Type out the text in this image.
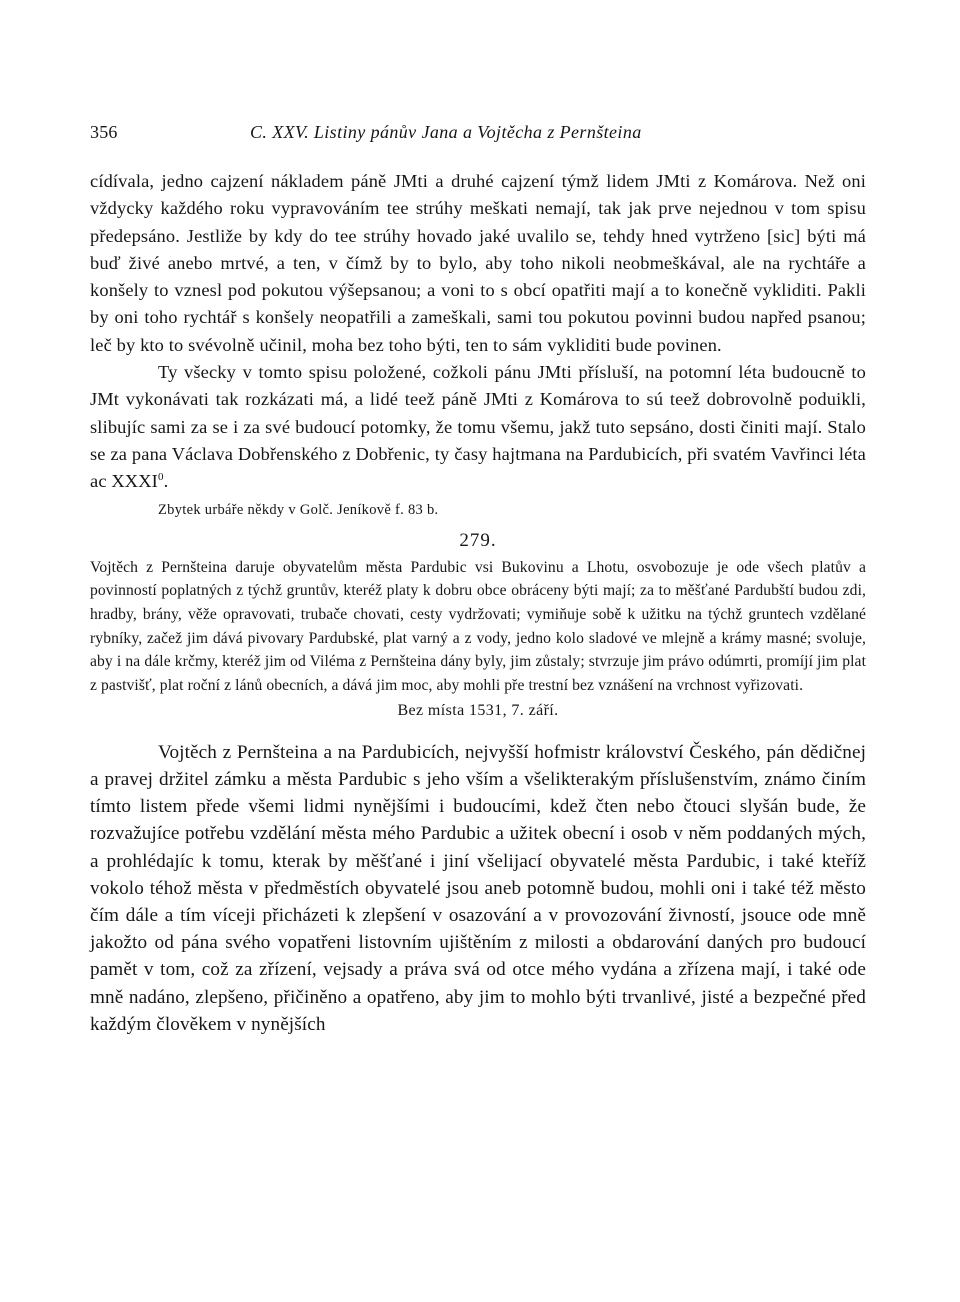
356	C. XXV. Listiny pánův Jana a Vojtěcha z Pernšteina

cídívala, jedno cajzení nákladem páně JMti a druhé cajzení týmž lidem JMti z Komárova. Než oni vždycky každého roku vypravováním tee strúhy meškati nemají, tak jak prve nejednou v tom spisu předepsáno. Jestliže by kdy do tee strúhy hovado jaké uvalilo se, tehdy hned vytrženo [sic] býti má buď živé anebo mrtvé, a ten, v čímž by to bylo, aby toho nikoli neobmeškával, ale na rychtáře a konšely to vznesl pod pokutou výšepsanou; a voni to s obcí opatřiti mají a to konečně vykliditi. Pakli by oni toho rychtář s konšely neopatřili a zameškali, sami tou pokutou povinni budou napřed psanou; leč by kto to svévolně učinil, moha bez toho býti, ten to sám vykliditi bude povinen.

Ty všecky v tomto spisu položené, cožkoli pánu JMti přísluší, na potomní léta budoucně to JMt vykonávati tak rozkázati má, a lidé teež páně JMti z Komárova to sú teež dobrovolně poduikli, slibujíc sami za se i za své budoucí potomky, že tomu všemu, jakž tuto sepsáno, dosti činiti mají. Stalo se za pana Václava Dobřenského z Dobřenic, ty časy hajtmana na Pardubicích, při svatém Vavřinci léta ac XXXI$^0$.

Zbytek urbáře někdy v Golč. Jeníkově f. 83 b.
279.

Vojtěch z Pernšteina daruje obyvatelům města Pardubic vsi Bukovinu a Lhotu, osvobozuje je ode všech platův a povinností poplatných z týchž gruntův, kteréž platy k dobru obce obráceny býti mají; za to měšťané Pardubští budou zdi, hradby, brány, věže opravovati, trubače chovati, cesty vydržovati; vymiňuje sobě k užitku na týchž gruntech vzdělané rybníky, začež jim dává pivovary Pardubské, plat varný a z vody, jedno kolo sladové ve mlejně a krámy masné; svoluje, aby i na dále krčmy, kteréž jim od Viléma z Pernšteina dány byly, jim zůstaly; stvrzuje jim právo odúmrti, promíjí jim plat z pastvišť, plat roční z lánů obecních, a dává jim moc, aby mohli pře trestní bez vznášení na vrchnost vyřizovati.

Bez místa 1531, 7. září.

Vojtěch z Pernšteina a na Pardubicích, nejvyšší hofmistr království Českého, pán dědičnej a pravej držitel zámku a města Pardubic s jeho vším a všelikterakým příslušenstvím, známo činím tímto listem přede všemi lidmi nynějšími i budoucími, kdež čten nebo čtouci slyšán bude, že rozvažujíce potřebu vzdělání města mého Pardubic a užitek obecní i osob v něm poddaných mých, a prohlédajíc k tomu, kterak by měšťané i jiní všelijací obyvatelé města Pardubic, i také kteříž vokolo téhož města v předměstích obyvatelé jsou aneb potomně budou, mohli oni i také též město čím dále a tím víceji přicházeti k zlepšení v osazování a v provozování živností, jsouce ode mně jakožto od pána svého vopatřeni listovním ujištěním z milosti a obdarování daných pro budoucí pamět v tom, což za zřízení, vejsady a práva svá od otce mého vydána a zřízena mají, i také ode mně nadáno, zlepšeno, přičiněno a opatřeno, aby jim to mohlo býti trvanlivé, jisté a bezpečné před každým člověkem v nynějších
